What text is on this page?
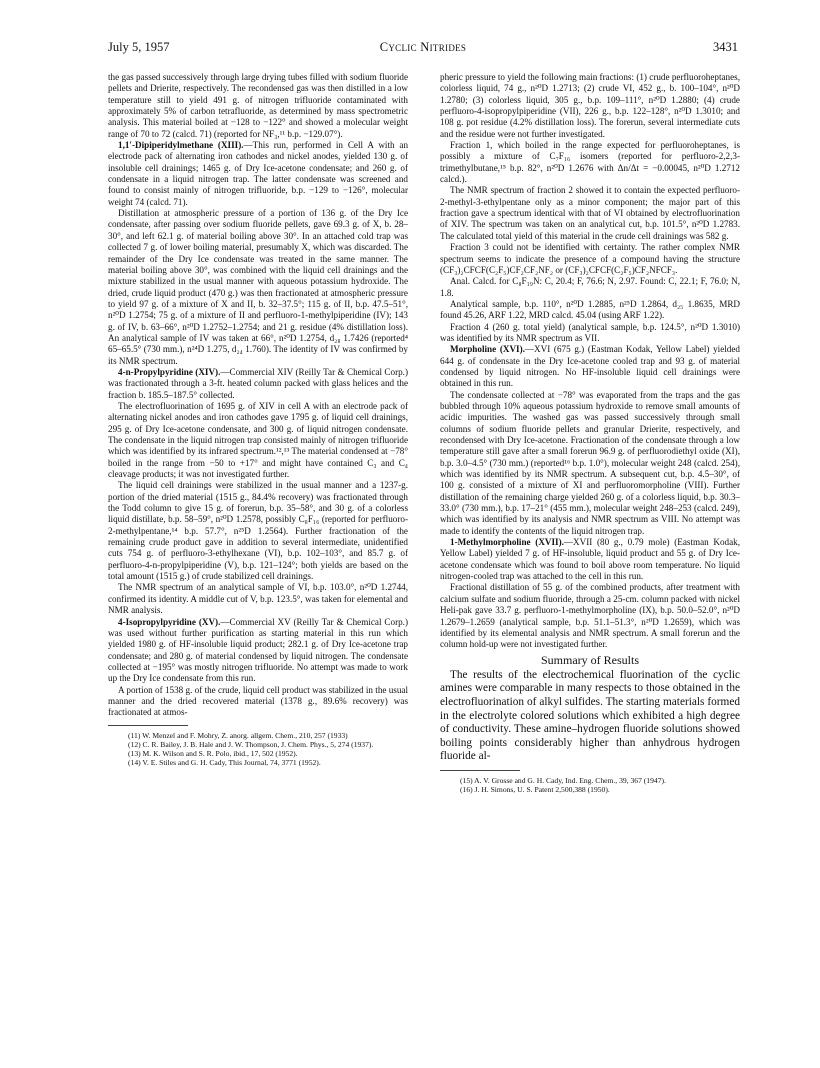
July 5, 1957	Cyclic Nitrides	3431

the gas passed successively through large drying tubes filled with sodium fluoride pellets and Drierite, respectively. The recondensed gas was then distilled in a low temperature still to yield 491 g. of nitrogen trifluoride contaminated with approximately 5% of carbon tetrafluoride, as determined by mass spectrometric analysis. This material boiled at −128 to −122° and showed a molecular weight range of 70 to 72 (calcd. 71) (reported for NF₃,¹¹ b.p. −129.07°).

1,1′-Dipiperidylmethane (XIII).—This run, performed in Cell A with an electrode pack of alternating iron cathodes and nickel anodes, yielded 130 g. of insoluble cell drainings; 1465 g. of Dry Ice-acetone condensate; and 260 g. of condensate in a liquid nitrogen trap. The latter condensate was screened and found to consist mainly of nitrogen trifluoride, b.p. −129 to −126°, molecular weight 74 (calcd. 71).

Distillation at atmospheric pressure of a portion of 136 g. of the Dry Ice condensate, after passing over sodium fluoride pellets, gave 69.3 g. of X, b. 28–30°, and left 62.1 g. of material boiling above 30°. In an attached cold trap was collected 7 g. of lower boiling material, presumably X, which was discarded. The remainder of the Dry Ice condensate was treated in the same manner. The material boiling above 30°, was combined with the liquid cell drainings and the mixture stabilized in the usual manner with aqueous potassium hydroxide. The dried, crude liquid product (470 g.) was then fractionated at atmospheric pressure to yield 97 g. of a mixture of X and II, b. 32–37.5°; 115 g. of II, b.p. 47.5–51°, n²⁰D 1.2754; 75 g. of a mixture of II and perfluoro-1-methylpiperidine (IV); 143 g. of IV, b. 63–66°, n²⁰D 1.2752–1.2754; and 21 g. residue (4% distillation loss). An analytical sample of IV was taken at 66°, n²⁰D 1.2754, d₂₈ 1.7426 (reported⁴ 65–65.5° (730 mm.), n²⁴D 1.275, d₂₄ 1.760). The identity of IV was confirmed by its NMR spectrum.

4-n-Propylpyridine (XIV).—Commercial XIV (Reilly Tar & Chemical Corp.) was fractionated through a 3-ft. heated column packed with glass helices and the fraction b. 185.5–187.5° collected.

The electrofluorination of 1695 g. of XIV in cell A with an electrode pack of alternating nickel anodes and iron cathodes gave 1795 g. of liquid cell drainings, 295 g. of Dry Ice-acetone condensate, and 300 g. of liquid nitrogen condensate. The condensate in the liquid nitrogen trap consisted mainly of nitrogen trifluoride which was identified by its infrared spectrum.¹²,¹³ The material condensed at −78° boiled in the range from −50 to +17° and might have contained C₃ and C₄ cleavage products; it was not investigated further.

The liquid cell drainings were stabilized in the usual manner and a 1237-g. portion of the dried material (1515 g., 84.4% recovery) was fractionated through the Todd column to give 15 g. of forerun, b.p. 35–58°, and 30 g. of a colorless liquid distillate, b.p. 58–59°, n²⁰D 1.2578, possibly C₈F₁₆ (reported for perfluoro-2-methylpentane,¹⁴ b.p. 57.7°, n²⁵D 1.2564). Further fractionation of the remaining crude product gave in addition to several intermediate, unidentified cuts 754 g. of perfluoro-3-ethylhexane (VI), b.p. 102–103°, and 85.7 g. of perfluoro-4-n-propylpiperidine (V), b.p. 121–124°; both yields are based on the total amount (1515 g.) of crude stabilized cell drainings.

The NMR spectrum of an analytical sample of VI, b.p. 103.0°, n²⁰D 1.2744, confirmed its identity. A middle cut of V, b.p. 123.5°, was taken for elemental and NMR analysis.

4-Isopropylpyridine (XV).—Commercial XV (Reilly Tar & Chemical Corp.) was used without further purification as starting material in this run which yielded 1980 g. of HF-insoluble liquid product; 282.1 g. of Dry Ice-acetone trap condensate; and 280 g. of material condensed by liquid nitrogen. The condensate collected at −195° was mostly nitrogen trifluoride. No attempt was made to work up the Dry Ice condensate from this run.

A portion of 1538 g. of the crude, liquid cell product was stabilized in the usual manner and the dried recovered material (1378 g., 89.6% recovery) was fractionated at atmos-

(11) W. Menzel and F. Mohry, Z. anorg. allgem. Chem., 210, 257 (1933)

(12) C. R. Bailey, J. B. Hale and J. W. Thompson, J. Chem. Phys., 5, 274 (1937).

(13) M. K. Wilson and S. R. Polo, ibid., 17, 502 (1952).

(14) V. E. Stiles and G. H. Cady, This Journal, 74, 3771 (1952).

pheric pressure to yield the following main fractions: (1) crude perfluoroheptanes, colorless liquid, 74 g., n²⁰D 1.2713; (2) crude VI, 452 g., b. 100–104°, n²⁰D 1.2780; (3) colorless liquid, 305 g., b.p. 109–111°, n²⁰D 1.2880; (4) crude perfluoro-4-isopropylpiperidine (VII), 226 g., b.p. 122–128°, n²⁰D 1.3010; and 108 g. pot residue (4.2% distillation loss). The forerun, several intermediate cuts and the residue were not further investigated.

Fraction 1, which boiled in the range expected for perfluoroheptanes, is possibly a mixture of C₇F₁₆ isomers (reported for perfluoro-2,2,3-trimethylbutane,¹⁵ b.p. 82°, n²⁰D 1.2676 with Δn/Δt = −0.00045, n²⁰D 1.2712 calcd.).

The NMR spectrum of fraction 2 showed it to contain the expected perfluoro-2-methyl-3-ethylpentane only as a minor component; the major part of this fraction gave a spectrum identical with that of VI obtained by electrofluorination of XIV. The spectrum was taken on an analytical cut, b.p. 101.5°, n²⁰D 1.2783. The calculated total yield of this material in the crude cell drainings was 582 g.

Fraction 3 could not be identified with certainty. The rather complex NMR spectrum seems to indicate the presence of a compound having the structure (CF₃)₂CFCF(C₂F₅)CF₂CF₂NF₂ or (CF₃)₂CFCF(C₂F₅)CF₂NFCF₃.

Anal. Calcd. for C₈F₁₉N: C, 20.4; F, 76.6; N, 2.97. Found: C, 22.1; F, 76.0; N, 1.8.

Analytical sample, b.p. 110°, n²⁰D 1.2885, n²⁵D 1.2864, d₂₅ 1.8635, MRD found 45.26, ARF 1.22, MRD calcd. 45.04 (using ARF 1.22).

Fraction 4 (260 g. total yield) (analytical sample, b.p. 124.5°, n²⁰D 1.3010) was identified by its NMR spectrum as VII.

Morpholine (XVI).—XVI (675 g.) (Eastman Kodak, Yellow Label) yielded 644 g. of condensate in the Dry Ice-acetone cooled trap and 93 g. of material condensed by liquid nitrogen. No HF-insoluble liquid cell drainings were obtained in this run.

The condensate collected at −78° was evaporated from the traps and the gas bubbled through 10% aqueous potassium hydroxide to remove small amounts of acidic impurities. The washed gas was passed successively through small columns of sodium fluoride pellets and granular Drierite, respectively, and recondensed with Dry Ice-acetone. Fractionation of the condensate through a low temperature still gave after a small forerun 96.9 g. of perfluorodiethyl oxide (XI), b.p. 3.0–4.5° (730 mm.) (reported¹⁶ b.p. 1.0°), molecular weight 248 (calcd. 254), which was identified by its NMR spectrum. A subsequent cut, b.p. 4.5–30°, of 100 g. consisted of a mixture of XI and perfluoromorpholine (VIII). Further distillation of the remaining charge yielded 260 g. of a colorless liquid, b.p. 30.3–33.0° (730 mm.), b.p. 17–21° (455 mm.), molecular weight 248–253 (calcd. 249), which was identified by its analysis and NMR spectrum as VIII. No attempt was made to identify the contents of the liquid nitrogen trap.

1-Methylmorpholine (XVII).—XVII (80 g., 0.79 mole) (Eastman Kodak, Yellow Label) yielded 7 g. of HF-insoluble, liquid product and 55 g. of Dry Ice-acetone condensate which was found to boil above room temperature. No liquid nitrogen-cooled trap was attached to the cell in this run.

Fractional distillation of 55 g. of the combined products, after treatment with calcium sulfate and sodium fluoride, through a 25-cm. column packed with nickel Heli-pak gave 33.7 g. perfluoro-1-methylmorpholine (IX), b.p. 50.0–52.0°, n²⁰D 1.2679–1.2659 (analytical sample, b.p. 51.1–51.3°, n²⁰D 1.2659), which was identified by its elemental analysis and NMR spectrum. A small forerun and the column hold-up were not investigated further.

Summary of Results

The results of the electrochemical fluorination of the cyclic amines were comparable in many respects to those obtained in the electrofluorination of alkyl sulfides. The starting materials formed in the electrolyte colored solutions which exhibited a high degree of conductivity. These amine–hydrogen fluoride solutions showed boiling points considerably higher than anhydrous hydrogen fluoride al-

(15) A. V. Grosse and G. H. Cady, Ind. Eng. Chem., 39, 367 (1947).

(16) J. H. Simons, U. S. Patent 2,500,388 (1950).
